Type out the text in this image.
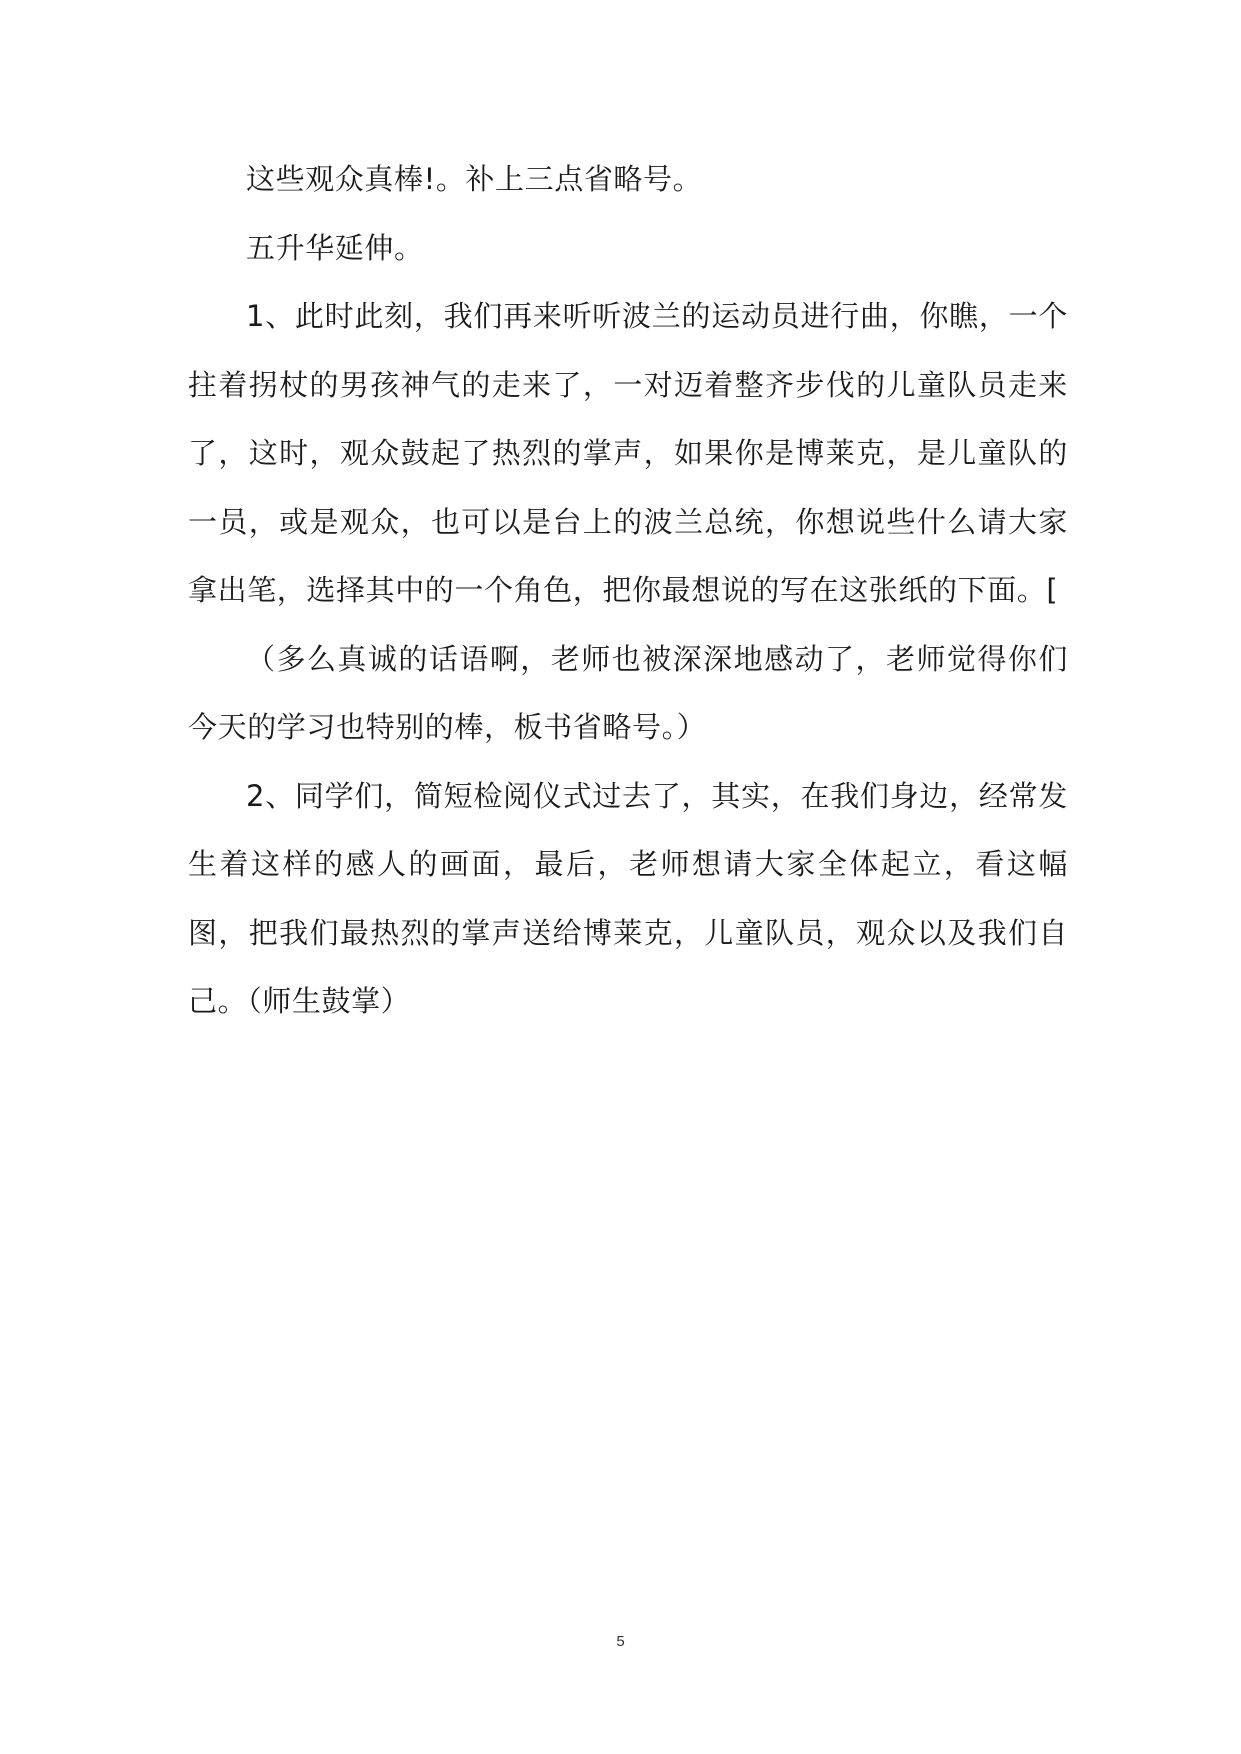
这些观众真棒!。补上三点省略号。

五升华延伸。

1、此时此刻，我们再来听听波兰的运动员进行曲，你瞧，一个拄着拐杖的男孩神气的走来了，一对迈着整齐步伐的儿童队员走来了，这时，观众鼓起了热烈的掌声，如果你是博莱克，是儿童队的一员，或是观众，也可以是台上的波兰总统，你想说些什么请大家拿出笔，选择其中的一个角色，把你最想说的写在这张纸的下面。[

（多么真诚的话语啊，老师也被深深地感动了，老师觉得你们今天的学习也特别的棒，板书省略号。）

2、同学们，简短检阅仪式过去了，其实，在我们身边，经常发生着这样的感人的画面，最后，老师想请大家全体起立，看这幅图，把我们最热烈的掌声送给博莱克，儿童队员，观众以及我们自己。（师生鼓掌）

5
